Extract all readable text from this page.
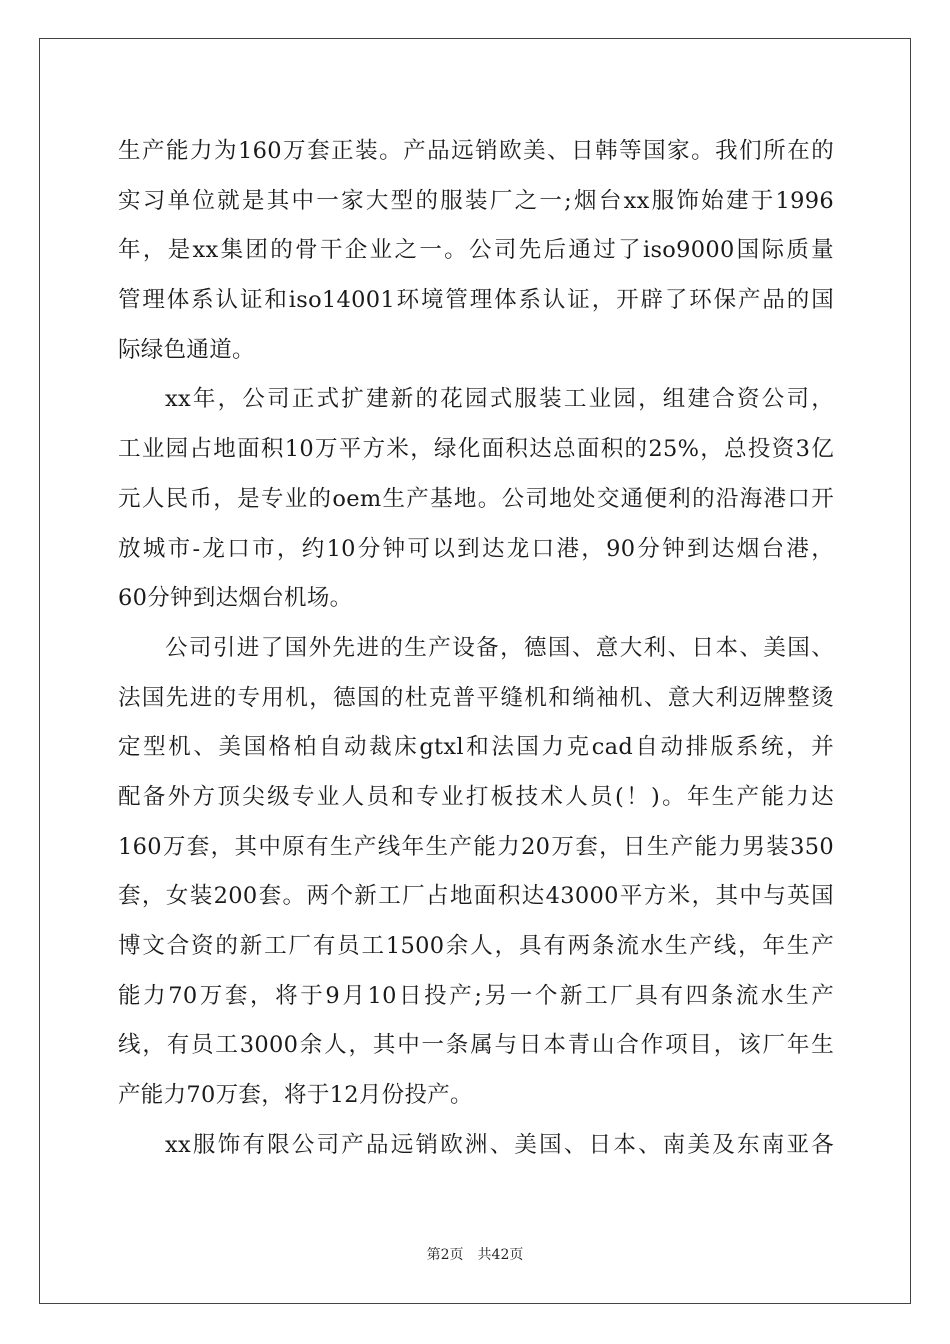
生产能力为160万套正装。产品远销欧美、日韩等国家。我们所在的
实习单位就是其中一家大型的服装厂之一;烟台xx服饰始建于1996
年，是xx集团的骨干企业之一。公司先后通过了iso9000国际质量
管理体系认证和iso14001环境管理体系认证，开辟了环保产品的国
际绿色通道。
xx年，公司正式扩建新的花园式服装工业园，组建合资公司，
工业园占地面积10万平方米，绿化面积达总面积的25%，总投资3亿
元人民币，是专业的oem生产基地。公司地处交通便利的沿海港口开
放城市-龙口市，约10分钟可以到达龙口港，90分钟到达烟台港，
60分钟到达烟台机场。
公司引进了国外先进的生产设备，德国、意大利、日本、美国、
法国先进的专用机，德国的杜克普平缝机和绱袖机、意大利迈牌整烫
定型机、美国格柏自动裁床gtxl和法国力克cad自动排版系统，并
配备外方顶尖级专业人员和专业打板技术人员(！)。年生产能力达
160万套，其中原有生产线年生产能力20万套，日生产能力男装350
套，女装200套。两个新工厂占地面积达43000平方米，其中与英国
博文合资的新工厂有员工1500余人，具有两条流水生产线，年生产
能力70万套，将于9月10日投产;另一个新工厂具有四条流水生产
线，有员工3000余人，其中一条属与日本青山合作项目，该厂年生
产能力70万套，将于12月份投产。
xx服饰有限公司产品远销欧洲、美国、日本、南美及东南亚各
第2页 共42页
